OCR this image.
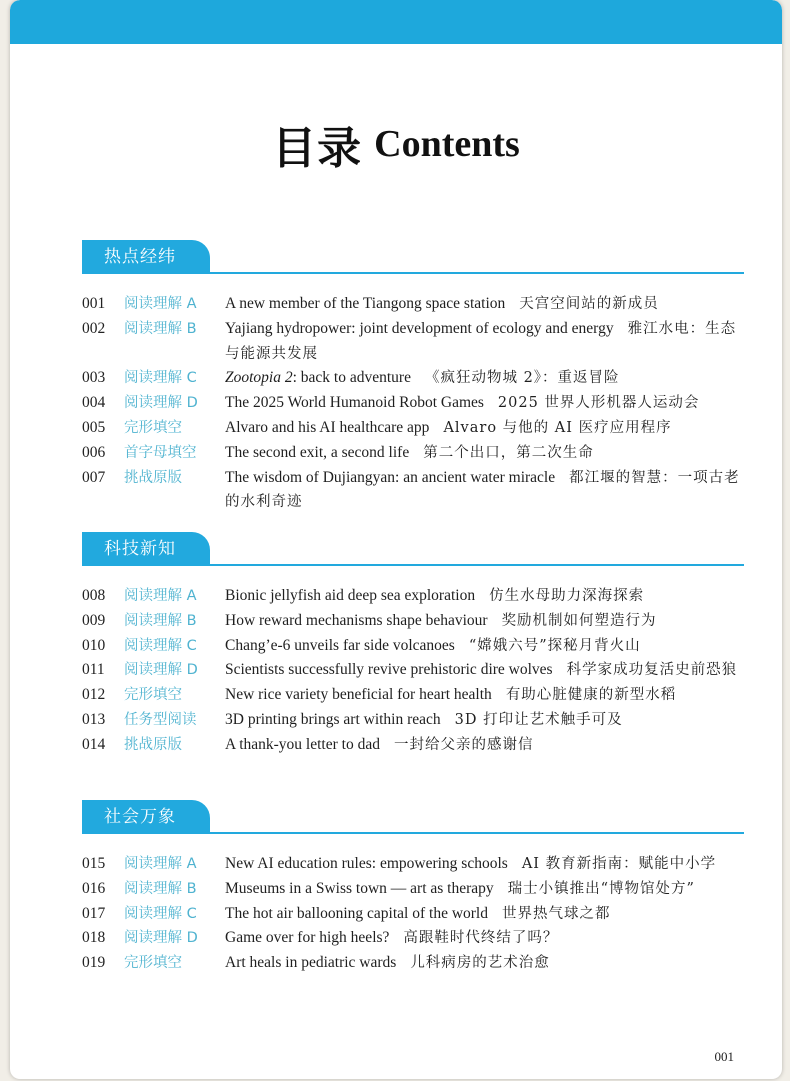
目录 Contents
热点经纬
001	阅读理解 A	A new member of the Tiangong space station 天宫空间站的新成员
002	阅读理解 B	Yajiang hydropower: joint development of ecology and energy 雅江水电：生态与能源共发展
003	阅读理解 C	Zootopia 2: back to adventure 《疯狂动物城 2》：重返冒险
004	阅读理解 D	The 2025 World Humanoid Robot Games 2025 世界人形机器人运动会
005	完形填空	Alvaro and his AI healthcare app Alvaro 与他的 AI 医疗应用程序
006	首字母填空	The second exit, a second life 第二个出口，第二次生命
007	挑战原版	The wisdom of Dujiangyan: an ancient water miracle 都江堰的智慧：一项古老的水利奇迹
科技新知
008	阅读理解 A	Bionic jellyfish aid deep sea exploration 仿生水母助力深海探索
009	阅读理解 B	How reward mechanisms shape behaviour 奖励机制如何塑造行为
010	阅读理解 C	Chang’e-6 unveils far side volcanoes “嫦娥六号”探秘月背火山
011	阅读理解 D	Scientists successfully revive prehistoric dire wolves 科学家成功复活史前恐狼
012	完形填空	New rice variety beneficial for heart health 有助心脏健康的新型水稻
013	任务型阅读	3D printing brings art within reach 3D 打印让艺术触手可及
014	挑战原版	A thank-you letter to dad 一封给父亲的感谢信
社会万象
015	阅读理解 A	New AI education rules: empowering schools AI 教育新指南：赋能中小学
016	阅读理解 B	Museums in a Swiss town — art as therapy 瑞士小镇推出“博物馆处方”
017	阅读理解 C	The hot air ballooning capital of the world 世界热气球之都
018	阅读理解 D	Game over for high heels? 高跟鞋时代终结了吗？
019	完形填空	Art heals in pediatric wards 儿科病房的艺术治愈
001
